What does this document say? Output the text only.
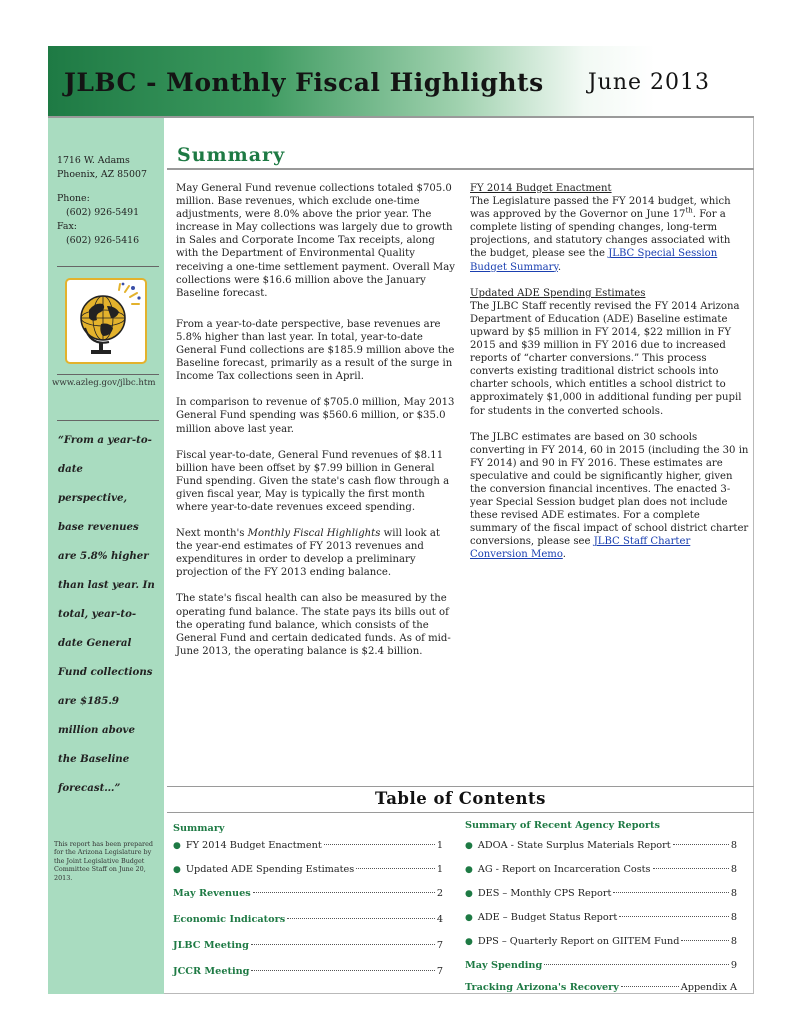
JLBC - Monthly Fiscal Highlights June 2013
1716 W. Adams
Phoenix, AZ 85007
Phone:
(602) 926-5491
Fax:
(602) 926-5416
www.azleg.gov/jlbc.htm
“From a year-to-
date
perspective,
base revenues
are 5.8% higher
than last year. In
total, year-to-
date General
Fund collections
are $185.9
million above
the Baseline
forecast…”
This report has been prepared for the Arizona Legislature by the Joint Legislative Budget Committee Staff on June 20, 2013.
Summary

May General Fund revenue collections totaled $705.0 million. Base revenues, which exclude one-time adjustments, were 8.0% above the prior year. The increase in May collections was largely due to growth in Sales and Corporate Income Tax receipts, along with the Department of Environmental Quality receiving a one-time settlement payment. Overall May collections were $16.6 million above the January Baseline forecast.

From a year-to-date perspective, base revenues are 5.8% higher than last year. In total, year-to-date General Fund collections are $185.9 million above the Baseline forecast, primarily as a result of the surge in Income Tax collections seen in April.

In comparison to revenue of $705.0 million, May 2013 General Fund spending was $560.6 million, or $35.0 million above last year.

Fiscal year-to-date, General Fund revenues of $8.11 billion have been offset by $7.99 billion in General Fund spending. Given the state's cash flow through a given fiscal year, May is typically the first month where year-to-date revenues exceed spending.

Next month's Monthly Fiscal Highlights will look at the year-end estimates of FY 2013 revenues and expenditures in order to develop a preliminary projection of the FY 2013 ending balance.

The state's fiscal health can also be measured by the operating fund balance. The state pays its bills out of the operating fund balance, which consists of the General Fund and certain dedicated funds. As of mid-June 2013, the operating balance is $2.4 billion.

FY 2014 Budget Enactment

The Legislature passed the FY 2014 budget, which was approved by the Governor on June 17th. For a complete listing of spending changes, long-term projections, and statutory changes associated with the budget, please see the JLBC Special Session Budget Summary.

Updated ADE Spending Estimates

The JLBC Staff recently revised the FY 2014 Arizona Department of Education (ADE) Baseline estimate upward by $5 million in FY 2014, $22 million in FY 2015 and $39 million in FY 2016 due to increased reports of “charter conversions.” This process converts existing traditional district schools into charter schools, which entitles a school district to approximately $1,000 in additional funding per pupil for students in the converted schools.

The JLBC estimates are based on 30 schools converting in FY 2014, 60 in 2015 (including the 30 in FY 2014) and 90 in FY 2016. These estimates are speculative and could be significantly higher, given the conversion financial incentives. The enacted 3-year Special Session budget plan does not include these revised ADE estimates. For a complete summary of the fiscal impact of school district charter conversions, please see JLBC Staff Charter Conversion Memo.

Table of Contents
Summary
● FY 2014 Budget Enactment	1
● Updated ADE Spending Estimates	1
May Revenues	2
Economic Indicators	4
JLBC Meeting	7
JCCR Meeting	7
Summary of Recent Agency Reports
● ADOA - State Surplus Materials Report	8
● AG - Report on Incarceration Costs	8
● DES – Monthly CPS Report	8
● ADE – Budget Status Report	8
● DPS – Quarterly Report on GIITEM Fund	8
May Spending	9
Tracking Arizona's Recovery	Appendix A
